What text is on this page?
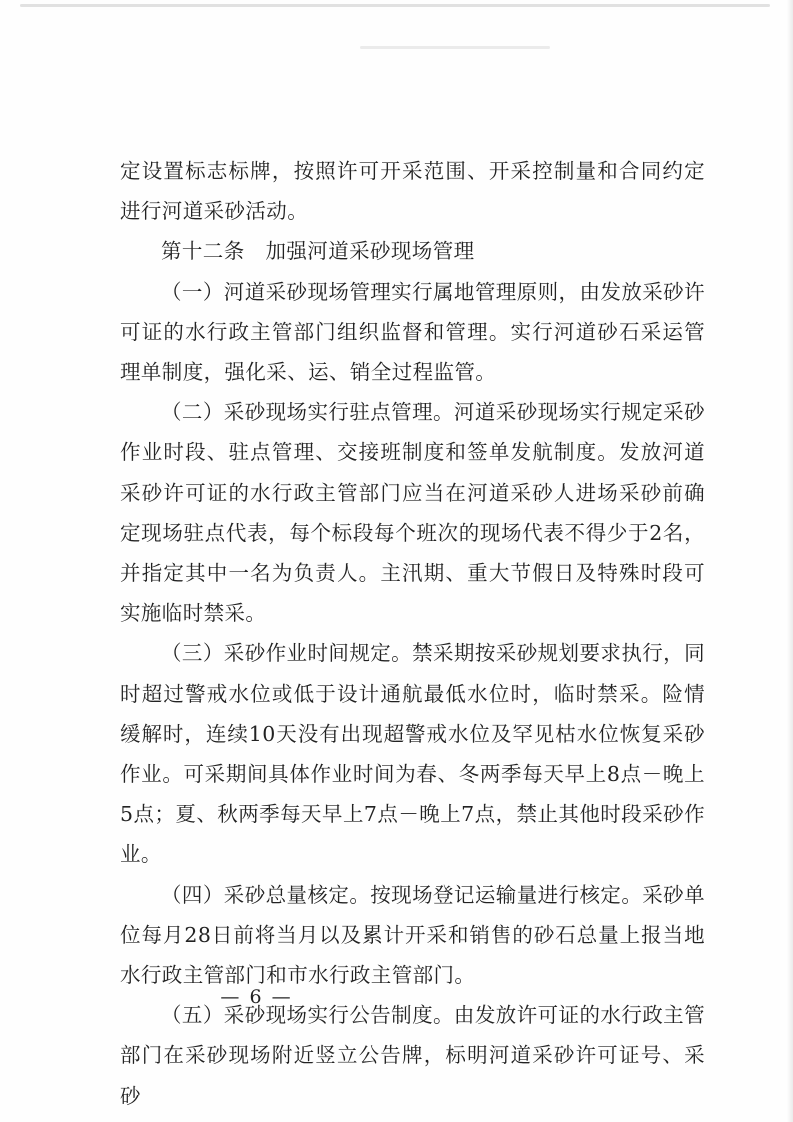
定设置标志标牌，按照许可开采范围、开采控制量和合同约定进行河道采砂活动。

第十二条　加强河道采砂现场管理

（一）河道采砂现场管理实行属地管理原则，由发放采砂许可证的水行政主管部门组织监督和管理。实行河道砂石采运管理单制度，强化采、运、销全过程监管。

（二）采砂现场实行驻点管理。河道采砂现场实行规定采砂作业时段、驻点管理、交接班制度和签单发航制度。发放河道采砂许可证的水行政主管部门应当在河道采砂人进场采砂前确定现场驻点代表，每个标段每个班次的现场代表不得少于2名，并指定其中一名为负责人。主汛期、重大节假日及特殊时段可实施临时禁采。

（三）采砂作业时间规定。禁采期按采砂规划要求执行，同时超过警戒水位或低于设计通航最低水位时，临时禁采。险情缓解时，连续10天没有出现超警戒水位及罕见枯水位恢复采砂作业。可采期间具体作业时间为春、冬两季每天早上8点－晚上5点；夏、秋两季每天早上7点－晚上7点，禁止其他时段采砂作业。

（四）采砂总量核定。按现场登记运输量进行核定。采砂单位每月28日前将当月以及累计开采和销售的砂石总量上报当地水行政主管部门和市水行政主管部门。

（五）采砂现场实行公告制度。由发放许可证的水行政主管部门在采砂现场附近竖立公告牌，标明河道采砂许可证号、采砂

— 6 —
